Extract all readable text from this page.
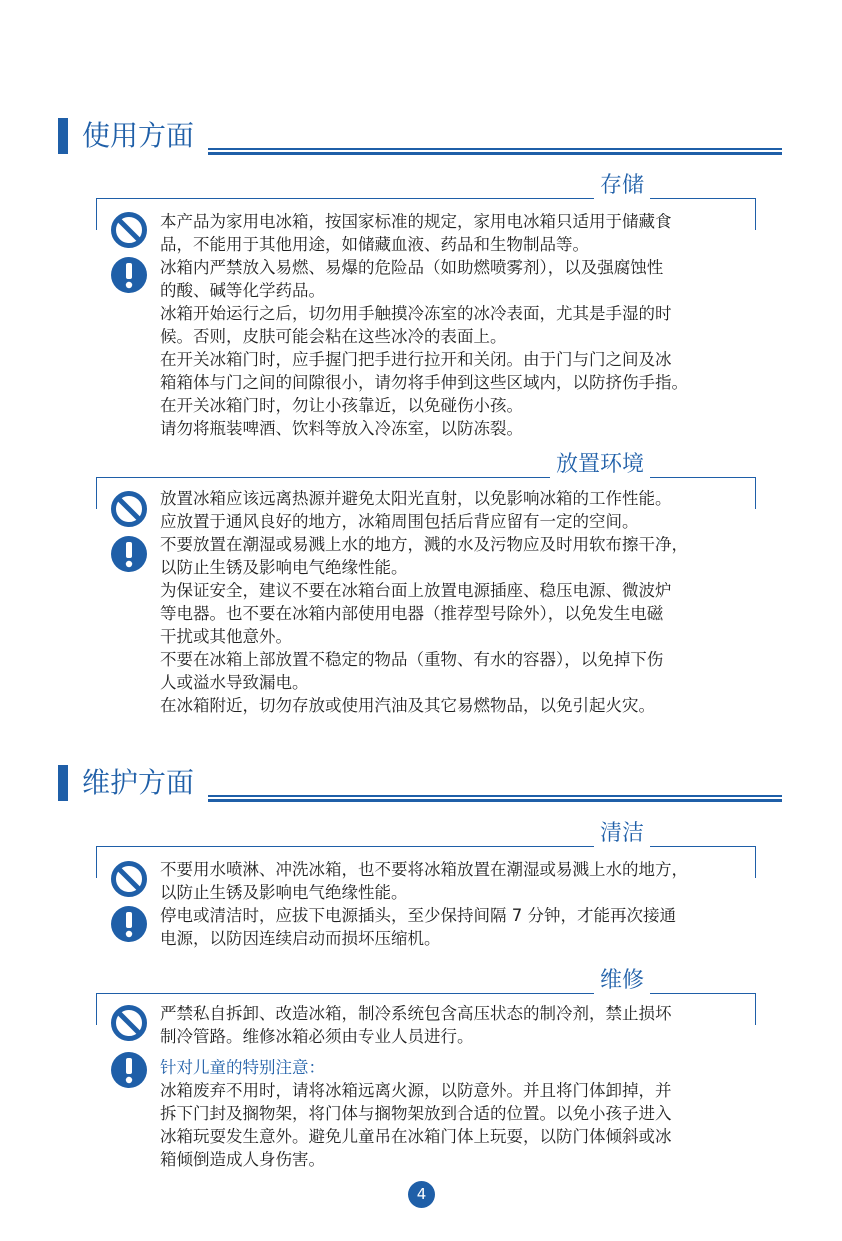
使用方面
存储
本产品为家用电冰箱，按国家标准的规定，家用电冰箱只适用于储藏食
品，不能用于其他用途，如储藏血液、药品和生物制品等。
冰箱内严禁放入易燃、易爆的危险品（如助燃喷雾剂），以及强腐蚀性
的酸、碱等化学药品。
冰箱开始运行之后，切勿用手触摸冷冻室的冰冷表面，尤其是手湿的时
候。否则，皮肤可能会粘在这些冰冷的表面上。
在开关冰箱门时，应手握门把手进行拉开和关闭。由于门与门之间及冰
箱箱体与门之间的间隙很小，请勿将手伸到这些区域内，以防挤伤手指。
在开关冰箱门时，勿让小孩靠近，以免碰伤小孩。
请勿将瓶装啤酒、饮料等放入冷冻室，以防冻裂。
放置环境
放置冰箱应该远离热源并避免太阳光直射，以免影响冰箱的工作性能。
应放置于通风良好的地方，冰箱周围包括后背应留有一定的空间。
不要放置在潮湿或易溅上水的地方，溅的水及污物应及时用软布擦干净，
以防止生锈及影响电气绝缘性能。
为保证安全，建议不要在冰箱台面上放置电源插座、稳压电源、微波炉
等电器。也不要在冰箱内部使用电器（推荐型号除外），以免发生电磁
干扰或其他意外。
不要在冰箱上部放置不稳定的物品（重物、有水的容器），以免掉下伤
人或溢水导致漏电。
在冰箱附近，切勿存放或使用汽油及其它易燃物品，以免引起火灾。
维护方面
清洁
不要用水喷淋、冲洗冰箱，也不要将冰箱放置在潮湿或易溅上水的地方，
以防止生锈及影响电气绝缘性能。
停电或清洁时，应拔下电源插头，至少保持间隔 7 分钟，才能再次接通
电源，以防因连续启动而损坏压缩机。
维修
严禁私自拆卸、改造冰箱，制冷系统包含高压状态的制冷剂，禁止损坏
制冷管路。维修冰箱必须由专业人员进行。
针对儿童的特别注意：
冰箱废弃不用时，请将冰箱远离火源，以防意外。并且将门体卸掉，并
拆下门封及搁物架，将门体与搁物架放到合适的位置。以免小孩子进入
冰箱玩耍发生意外。避免儿童吊在冰箱门体上玩耍，以防门体倾斜或冰
箱倾倒造成人身伤害。
4
